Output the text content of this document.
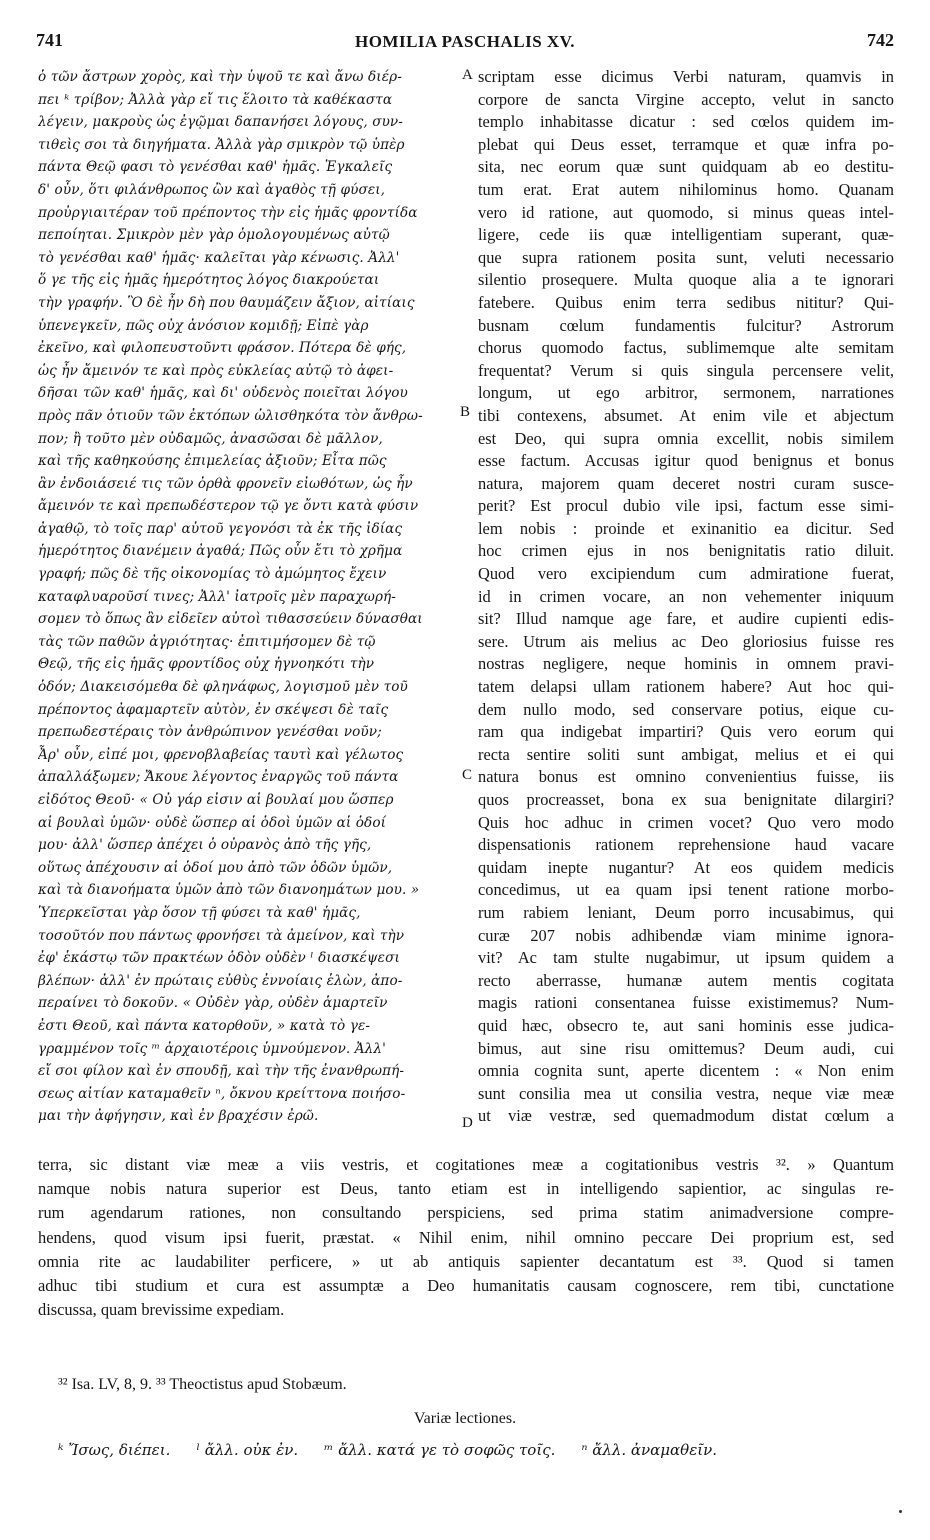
741	HOMILIA PASCHALIS XV.	742
ὁ τῶν ἄστρων χορὸς, καὶ τὴν ὑψοῦ τε καὶ ἄνω διέρ-
πει ᵏ τρίβον; Ἀλλὰ γὰρ εἴ τις ἕλοιτο τὰ καθέκαστα
λέγειν, μακροὺς ὡς ἐγῷμαι δαπανήσει λόγους, συν-
τιθεὶς σοι τὰ διηγήματα. Ἀλλὰ γὰρ σμικρὸν τῷ ὑπὲρ
πάντα Θεῷ φασι τὸ γενέσθαι καθ' ἡμᾶς. Ἐγκαλεῖς
δ' οὖν, ὅτι φιλάνθρωπος ὢν καὶ ἀγαθὸς τῇ φύσει,
προὐργιαιτέραν τοῦ πρέποντος τὴν εἰς ἡμᾶς φροντίδα
πεποίηται. Σμικρὸν μὲν γὰρ ὁμολογουμένως αὐτῷ
τὸ γενέσθαι καθ' ἡμᾶς· καλεῖται γὰρ κένωσις. Ἀλλ'
ὅ γε τῆς εἰς ἡμᾶς ἡμερότητος λόγος διακρούεται
τὴν γραφήν. Ὃ δὲ ἦν δὴ που θαυμάζειν ἄξιον, αἰτίαις
ὑπενεγκεῖν, πῶς οὐχ ἀνόσιον κομιδῇ; Εἰπὲ γὰρ
ἐκεῖνο, καὶ φιλοπευστοῦντι φράσον. Πότερα δὲ φής,
ὡς ἦν ἄμεινόν τε καὶ πρὸς εὐκλείας αὐτῷ τὸ ἀφει-
δῆσαι τῶν καθ' ἡμᾶς, καὶ δι' οὐδενὸς ποιεῖται λόγου
πρὸς πᾶν ὁτιοῦν τῶν ἐκτόπων ὠλισθηκότα τὸν ἄνθρω-
πον; ἢ τοῦτο μὲν οὐδαμῶς, ἀνασῶσαι δὲ μᾶλλον,
καὶ τῆς καθηκούσης ἐπιμελείας ἀξιοῦν; Εἶτα πῶς
ἂν ἐνδοιάσειέ τις τῶν ὀρθὰ φρονεῖν εἰωθότων, ὡς ἦν
ἄμεινόν τε καὶ πρεπωδέστερον τῷ γε ὄντι κατὰ φύσιν
ἀγαθῷ, τὸ τοῖς παρ' αὐτοῦ γεγονόσι τὰ ἐκ τῆς ἰδίας
ἡμερότητος διανέμειν ἀγαθά; Πῶς οὖν ἔτι τὸ χρῆμα
γραφή; πῶς δὲ τῆς οἰκονομίας τὸ ἀμώμητος ἔχειν
καταφλυαροῦσί τινες; Ἀλλ' ἰατροῖς μὲν παραχωρή-
σομεν τὸ ὅπως ἂν εἰδεῖεν αὐτοὶ τιθασσεύειν δύνασθαι
τὰς τῶν παθῶν ἀγριότητας· ἐπιτιμήσομεν δὲ τῷ
Θεῷ, τῆς εἰς ἡμᾶς φροντίδος οὐχ ἠγνοηκότι τὴν
ὁδόν; Διακεισόμεθα δὲ φληνάφως, λογισμοῦ μὲν τοῦ
πρέποντος ἀφαμαρτεῖν αὐτὸν, ἐν σκέψεσι δὲ ταῖς
πρεπωδεστέραις τὸν ἀνθρώπινον γενέσθαι νοῦν;
Ἆρ' οὖν, εἰπέ μοι, φρενοβλαβείας ταυτὶ καὶ γέλωτος
ἀπαλλάξωμεν; Ἄκουε λέγοντος ἐναργῶς τοῦ πάντα
εἰδότος Θεοῦ· « Οὐ γάρ εἰσιν αἱ βουλαί μου ὥσπερ
αἱ βουλαὶ ὑμῶν· οὐδὲ ὥσπερ αἱ ὁδοὶ ὑμῶν αἱ ὁδοί
μου· ἀλλ' ὥσπερ ἀπέχει ὁ οὐρανὸς ἀπὸ τῆς γῆς,
οὕτως ἀπέχουσιν αἱ ὁδοί μου ἀπὸ τῶν ὁδῶν ὑμῶν,
καὶ τὰ διανοήματα ὑμῶν ἀπὸ τῶν διανοημάτων μου. »
Ὑπερκεῖσται γὰρ ὅσον τῇ φύσει τὰ καθ' ἡμᾶς,
τοσοῦτόν που πάντως φρονήσει τὰ ἀμείνον, καὶ τὴν
ἐφ' ἑκάστῳ τῶν πρακτέων ὁδὸν οὐδὲν ˡ διασκέψεσι
βλέπων· ἀλλ' ἐν πρώταις εὐθὺς ἐννοίαις ἑλὼν, ἀπο-
περαίνει τὸ δοκοῦν. « Οὐδὲν γὰρ, οὐδὲν ἁμαρτεῖν
ἐστι Θεοῦ, καὶ πάντα κατορθοῦν, » κατὰ τὸ γε-
γραμμένον τοῖς ᵐ ἀρχαιοτέροις ὑμνούμενον. Ἀλλ'
εἴ σοι φίλον καὶ ἐν σπουδῇ, καὶ τὴν τῆς ἐνανθρωπή-
σεως αἰτίαν καταμαθεῖν ⁿ, ὄκνου κρείττονα ποιήσο-
μαι τὴν ἀφήγησιν, καὶ ἐν βραχέσιν ἐρῶ.
scriptam esse dicimus Verbi naturam, quamvis in
corpore de sancta Virgine accepto, velut in sancto
templo inhabitasse dicatur : sed cœlos quidem im-
plebat qui Deus esset, terramque et quæ infra po-
sita, nec eorum quæ sunt quidquam ab eo destitu-
tum erat. Erat autem nihilominus homo. Quanam
vero id ratione, aut quomodo, si minus queas intel-
ligere, cede iis quæ intelligentiam superant, quæ-
que supra rationem posita sunt, veluti necessario
silentio prosequere. Multa quoque alia a te ignorari
fatebere. Quibus enim terra sedibus nititur? Qui-
busnam cœlum fundamentis fulcitur? Astrorum
chorus quomodo factus, sublimemque alte semitam
frequentat? Verum si quis singula percensere velit,
longum, ut ego arbitror, sermonem, narrationes
tibi contexens, absumet. At enim vile et abjectum
est Deo, qui supra omnia excellit, nobis similem
esse factum. Accusas igitur quod benignus et bonus
natura, majorem quam deceret nostri curam susce-
perit? Est procul dubio vile ipsi, factum esse simi-
lem nobis : proinde et exinanitio ea dicitur. Sed
hoc crimen ejus in nos benignitatis ratio diluit.
Quod vero excipiendum cum admiratione fuerat,
id in crimen vocare, an non vehementer iniquum
sit? Illud namque age fare, et audire cupienti edis-
sere. Utrum ais melius ac Deo gloriosius fuisse res
nostras negligere, neque hominis in omnem pravi-
tatem delapsi ullam rationem habere? Aut hoc qui-
dem nullo modo, sed conservare potius, eique cu-
ram qua indigebat impartiri? Quis vero eorum qui
recta sentire soliti sunt ambigat, melius et ei qui
natura bonus est omnino convenientius fuisse, iis
quos procreasset, bona ex sua benignitate dilargiri?
Quis hoc adhuc in crimen vocet? Quo vero modo
dispensationis rationem reprehensione haud vacare
quidam inepte nugantur? At eos quidem medicis
concedimus, ut ea quam ipsi tenent ratione morbo-
rum rabiem leniant, Deum porro incusabimus, qui
curæ 207 nobis adhibendæ viam minime ignora-
vit? Ac tam stulte nugabimur, ut ipsum quidem a
recto aberrasse, humanæ autem mentis cogitata
magis rationi consentanea fuisse existimemus? Num-
quid hæc, obsecro te, aut sani hominis esse judica-
bimus, aut sine risu omittemus? Deum audi, cui
omnia cognita sunt, aperte dicentem : « Non enim
sunt consilia mea ut consilia vestra, neque viæ meæ
ut viæ vestræ, sed quemadmodum distat cœlum a
A
B
C
D
terra, sic distant viæ meæ a viis vestris, et cogitationes meæ a cogitationibus vestris ³². » Quantum
namque nobis natura superior est Deus, tanto etiam est in intelligendo sapientior, ac singulas re-
rum agendarum rationes, non consultando perspiciens, sed prima statim animadversione compre-
hendens, quod visum ipsi fuerit, præstat. « Nihil enim, nihil omnino peccare Dei proprium est, sed
omnia rite ac laudabiliter perficere, » ut ab antiquis sapienter decantatum est ³³. Quod si tamen
adhuc tibi studium et cura est assumptæ a Deo humanitatis causam cognoscere, rem tibi, cunctatione
discussa, quam brevissime expediam.
³² Isa. LV, 8, 9. ³³ Theoctistus apud Stobæum.
Variæ lectiones.
ᵏ Ἴσως, διέπει. ˡ ἄλλ. οὐκ ἐν. ᵐ ἄλλ. κατά γε τὸ σοφῶς τοῖς. ⁿ ἄλλ. ἀναμαθεῖν.
